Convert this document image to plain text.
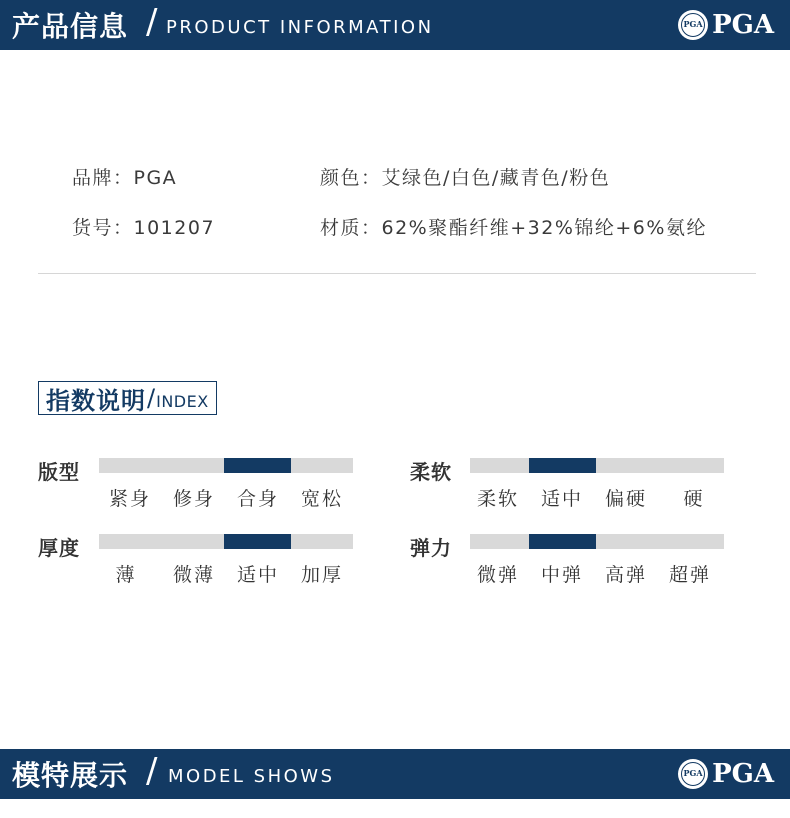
产品信息 / PRODUCT INFORMATION	PGA PGA
品牌：PGA
货号：101207
颜色：艾绿色/白色/藏青色/粉色
材质：62%聚酯纤维+32%锦纶+6%氨纶
指数说明 / INDEX
版型
紧身	修身	合身	宽松
柔软
柔软	适中	偏硬	硬
厚度
薄	微薄	适中	加厚
弹力
微弹	中弹	高弹	超弹
模特展示 / MODEL SHOWS	PGA PGA
